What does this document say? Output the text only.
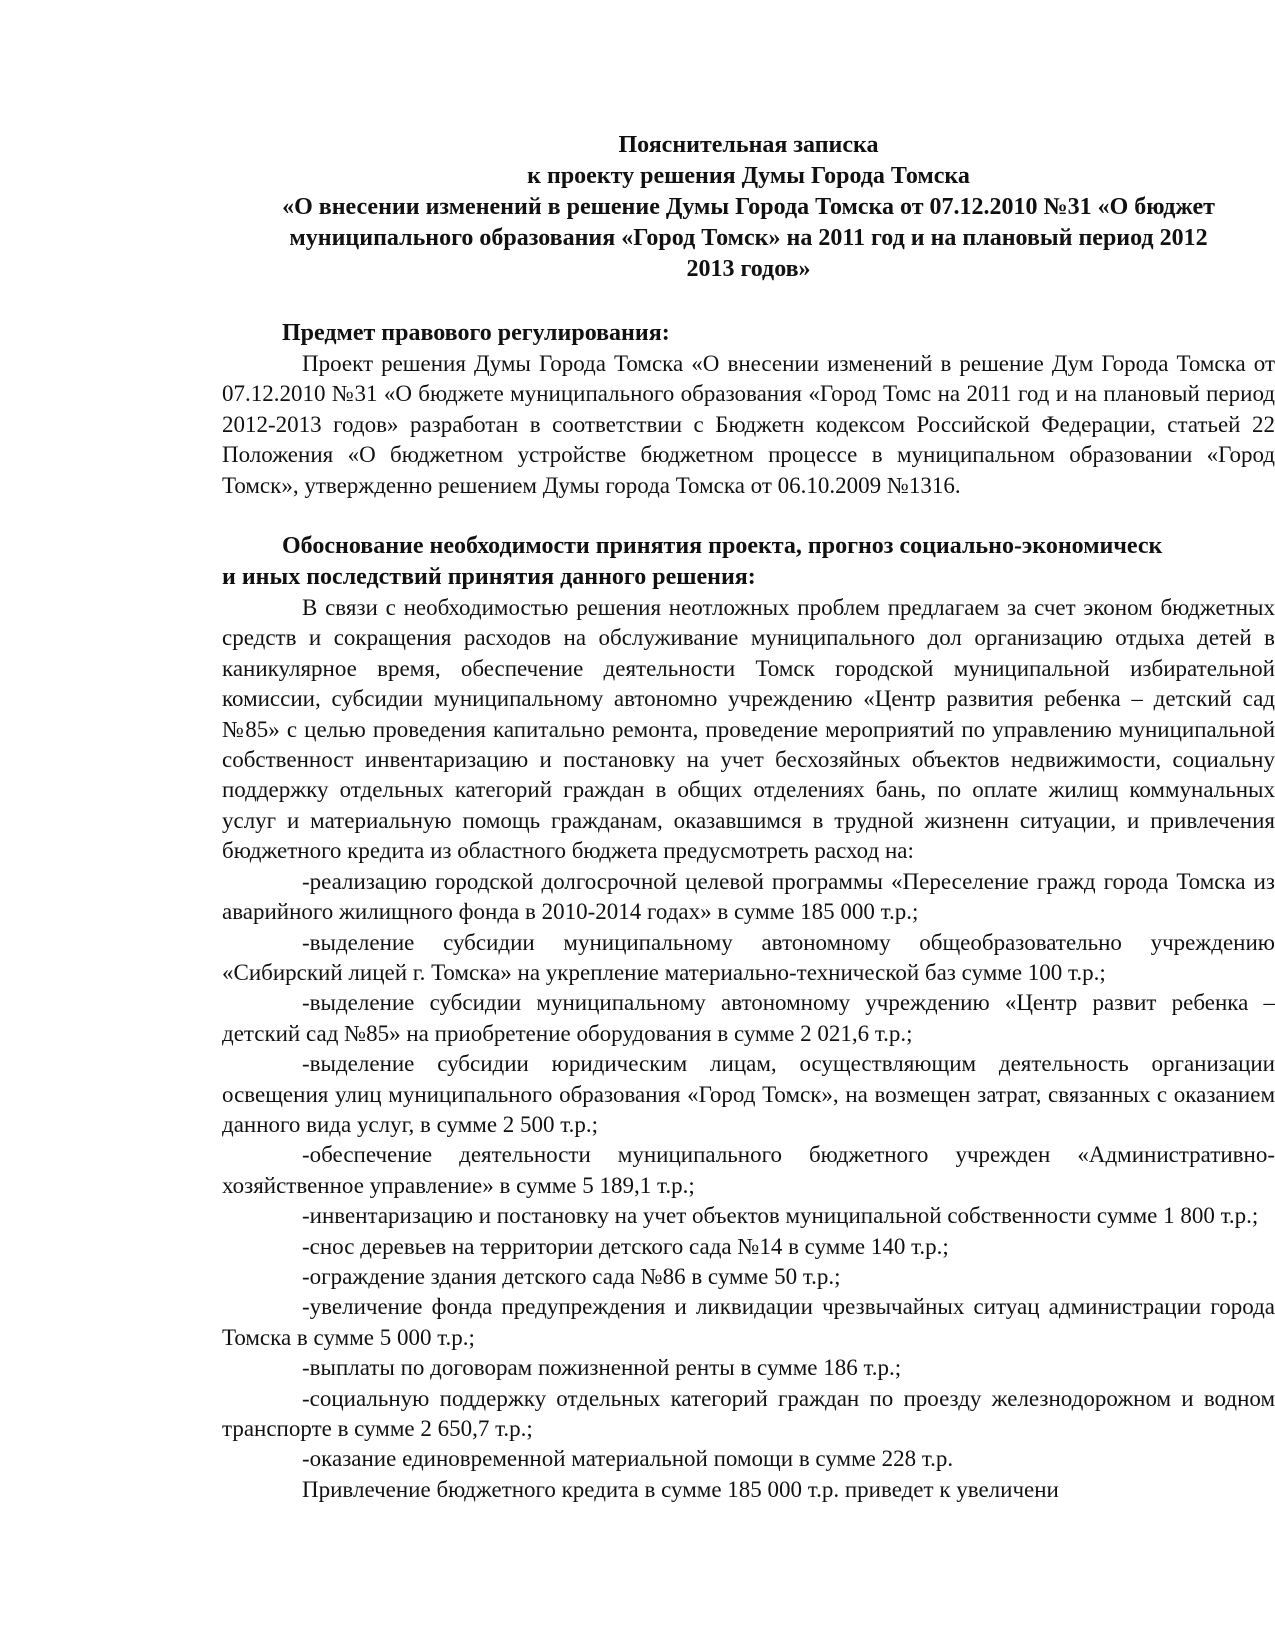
Пояснительная записка
к проекту решения Думы Города Томска
«О внесении изменений в решение Думы Города Томска от 07.12.2010 №31 «О бюджет
муниципального образования «Город Томск» на 2011 год и на плановый период 2012
2013 годов»

Предмет правового регулирования:

Проект решения Думы Города Томска «О внесении изменений в решение Дум Города Томска от 07.12.2010 №31 «О бюджете муниципального образования «Город Томс на 2011 год и на плановый период 2012-2013 годов» разработан в соответствии с Бюджетн кодексом Российской Федерации, статьей 22 Положения «О бюджетном устройстве бюджетном процессе в муниципальном образовании «Город Томск», утвержденно решением Думы города Томска от 06.10.2009 №1316.

Обоснование необходимости принятия проекта, прогноз социально-экономическ

и иных последствий принятия данного решения:

В связи с необходимостью решения неотложных проблем предлагаем за счет эконом бюджетных средств и сокращения расходов на обслуживание муниципального дол организацию отдыха детей в каникулярное время, обеспечение деятельности Томск городской муниципальной избирательной комиссии, субсидии муниципальному автономно учреждению «Центр развития ребенка – детский сад №85» с целью проведения капитально ремонта, проведение мероприятий по управлению муниципальной собственност инвентаризацию и постановку на учет бесхозяйных объектов недвижимости, социальну поддержку отдельных категорий граждан в общих отделениях бань, по оплате жилищ коммунальных услуг и материальную помощь гражданам, оказавшимся в трудной жизненн ситуации, и привлечения бюджетного кредита из областного бюджета предусмотреть расход на:

-реализацию городской долгосрочной целевой программы «Переселение гражд города Томска из аварийного жилищного фонда в 2010-2014 годах» в сумме 185 000 т.р.;

-выделение субсидии муниципальному автономному общеобразовательно учреждению «Сибирский лицей г. Томска» на укрепление материально-технической баз сумме 100 т.р.;

-выделение субсидии муниципальному автономному учреждению «Центр развит ребенка – детский сад №85» на приобретение оборудования в сумме 2 021,6 т.р.;

-выделение субсидии юридическим лицам, осуществляющим деятельность организации освещения улиц муниципального образования «Город Томск», на возмещен затрат, связанных с оказанием данного вида услуг, в сумме 2 500 т.р.;

-обеспечение деятельности муниципального бюджетного учрежден «Административно-хозяйственное управление» в сумме 5 189,1 т.р.;

-инвентаризацию и постановку на учет объектов муниципальной собственности сумме 1 800 т.р.;

-снос деревьев на территории детского сада №14 в сумме 140 т.р.;

-ограждение здания детского сада №86 в сумме 50 т.р.;

-увеличение фонда предупреждения и ликвидации чрезвычайных ситуац администрации города Томска в сумме 5 000 т.р.;

-выплаты по договорам пожизненной ренты в сумме 186 т.р.;

-социальную поддержку отдельных категорий граждан по проезду железнодорожном и водном транспорте в сумме 2 650,7 т.р.;

-оказание единовременной материальной помощи в сумме 228 т.р.

Привлечение бюджетного кредита в сумме 185 000 т.р. приведет к увеличени
